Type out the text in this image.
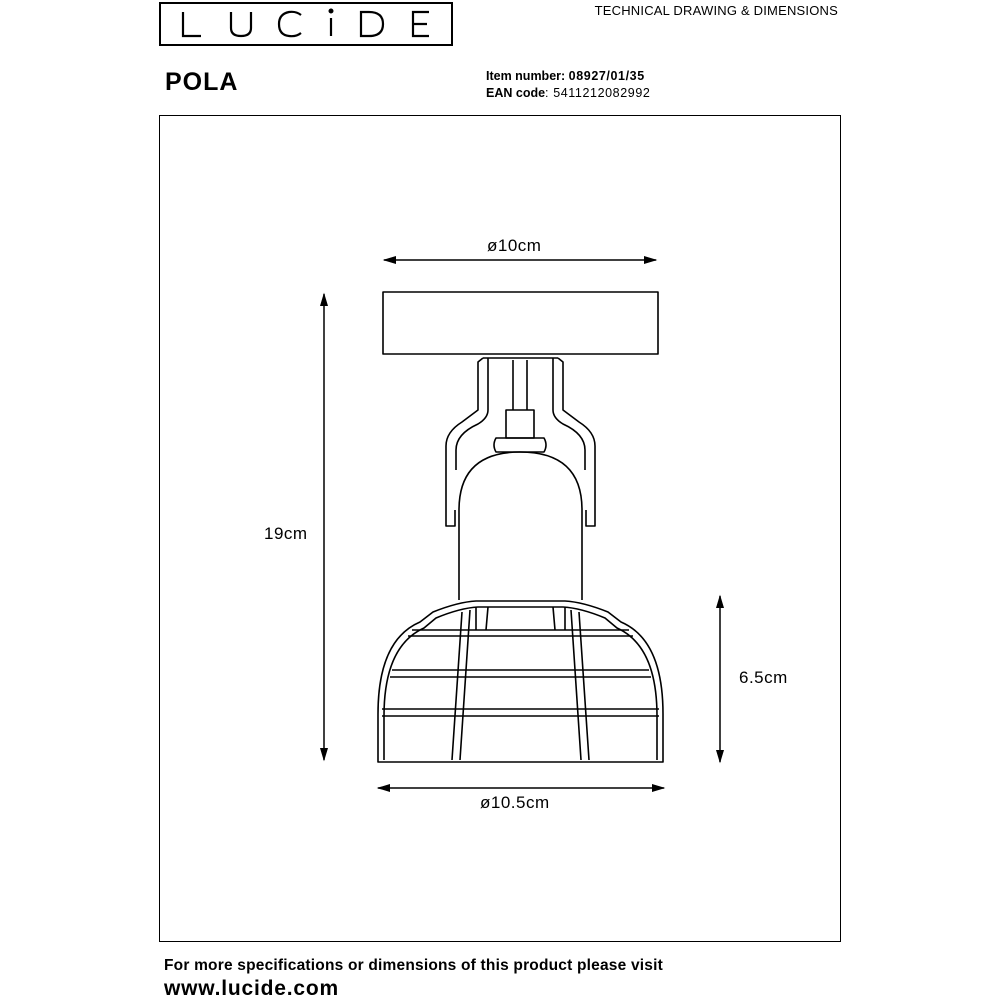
TECHNICAL DRAWING & DIMENSIONS
POLA	Item number: 08927/01/35
EAN code: 5411212082992
ø10cm
19cm
6.5cm
ø10.5cm
For more specifications or dimensions of this product please visit
www.lucide.com
